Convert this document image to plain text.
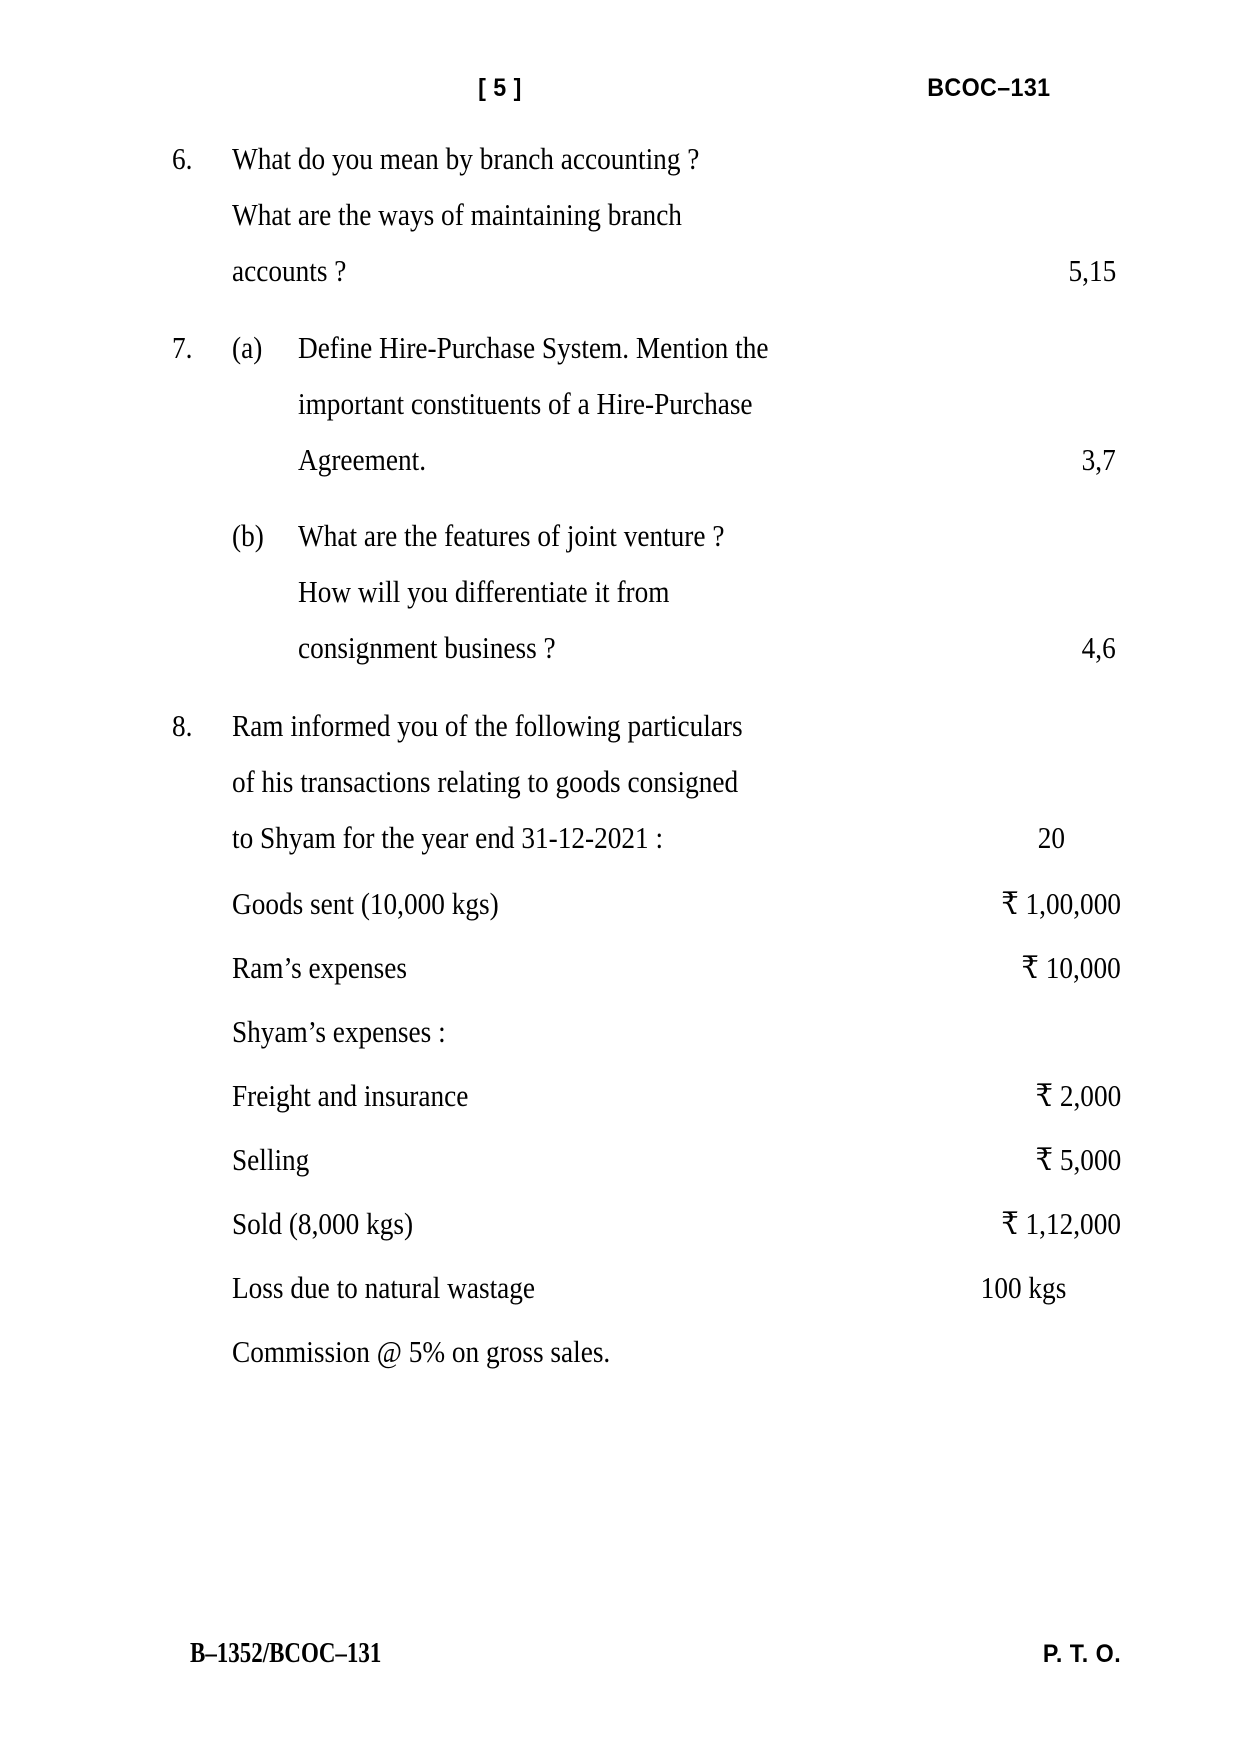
[ 5 ]	BCOC–131
6.	What do you mean by branch accounting ?
What are the ways of maintaining branch
accounts ?	5,15
7.	(a)	Define Hire-Purchase System. Mention the
important constituents of a Hire-Purchase
Agreement.	3,7
(b)	What are the features of joint venture ?
How will you differentiate it from
consignment business ?	4,6
8.	Ram informed you of the following particulars
of his transactions relating to goods consigned
to Shyam for the year end 31-12-2021 :	20
Goods sent (10,000 kgs)	₹ 1,00,000
Ram’s expenses	₹ 10,000
Shyam’s expenses :
Freight and insurance	₹ 2,000
Selling	₹ 5,000
Sold (8,000 kgs)	₹ 1,12,000
Loss due to natural wastage	100 kgs
Commission @ 5% on gross sales.
B–1352/BCOC–131	P. T. O.
